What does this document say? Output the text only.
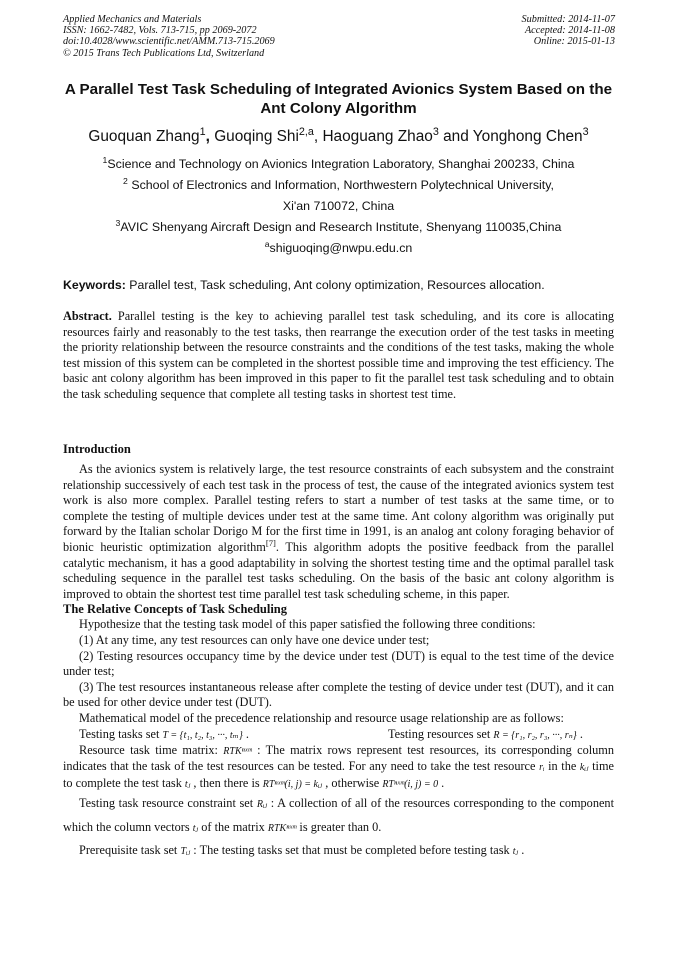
Applied Mechanics and Materials
ISSN: 1662-7482, Vols. 713-715, pp 2069-2072
doi:10.4028/www.scientific.net/AMM.713-715.2069
© 2015 Trans Tech Publications Ltd, Switzerland
Submitted: 2014-11-07
Accepted: 2014-11-08
Online: 2015-01-13
A Parallel Test Task Scheduling of Integrated Avionics System Based on the Ant Colony Algorithm
Guoquan Zhang$^1$, Guoqing Shi$^{2,a}$, Haoguang Zhao$^3$ and Yonghong Chen$^3$
$^1$Science and Technology on Avionics Integration Laboratory, Shanghai 200233, China
$^2$ School of Electronics and Information, Northwestern Polytechnical University,
Xi'an 710072, China
$^3$AVIC Shenyang Aircraft Design and Research Institute, Shenyang 110035,China
$^a$shiguoqing@nwpu.edu.cn
Keywords: Parallel test, Task scheduling, Ant colony optimization, Resources allocation.
Abstract. Parallel testing is the key to achieving parallel test task scheduling, and its core is allocating resources fairly and reasonably to the test tasks, then rearrange the execution order of the test tasks in meeting the priority relationship between the resource constraints and the conditions of the test tasks, making the whole test mission of this system can be completed in the shortest possible time and improving the test efficiency. The basic ant colony algorithm has been improved in this paper to fit the parallel test task scheduling and to obtain the task scheduling sequence that complete all testing tasks in shortest test time.
Introduction
As the avionics system is relatively large, the test resource constraints of each subsystem and the constraint relationship successively of each test task in the process of test, the cause of the integrated avionics system test work is also more complex. Parallel testing refers to start a number of test tasks at the same time, or to complete the testing of multiple devices under test at the same time. Ant colony algorithm was originally put forward by the Italian scholar Dorigo M for the first time in 1991, is an analog ant colony foraging behavior of bionic heuristic optimization algorithm[7]. This algorithm adopts the positive feedback from the parallel catalytic mechanism, it has a good adaptability in solving the shortest testing time and the optimal parallel task scheduling sequence in the parallel test tasks scheduling. On the basis of the basic ant colony algorithm is improved to obtain the shortest test time parallel test task scheduling scheme, in this paper.
The Relative Concepts of Task Scheduling
Hypothesize that the testing task model of this paper satisfied the following three conditions:
(1) At any time, any test resources can only have one device under test;
(2) Testing resources occupancy time by the device under test (DUT) is equal to the test time of the device under test;
(3) The test resources instantaneous release after complete the testing of device under test (DUT), and it can be used for other device under test (DUT).
Mathematical model of the precedence relationship and resource usage relationship are as follows:
Testing tasks set T = {t₁, t₂, t₃, ···, tₘ} .	Testing resources set R = {r₁, r₂, r₃, ···, rₙ} .
Resource task time matrix: RTKⁿˣᵐ : The matrix rows represent test resources, its corresponding column indicates that the task of the test resources can be tested. For any need to take the test resource rᵢ in the kᵢⱼ time to complete the test task tⱼ , then there is RTⁿˣᵐ(i, j) = kᵢⱼ , otherwise RTⁿˣᵐ(i, j) = 0 .
Testing task resource constraint set Rᵢⱼ : A collection of all of the resources corresponding to the component which the column vectors tⱼ of the matrix RTKⁿˣᵐ is greater than 0.
Prerequisite task set Tᵢⱼ : The testing tasks set that must be completed before testing task tⱼ .
